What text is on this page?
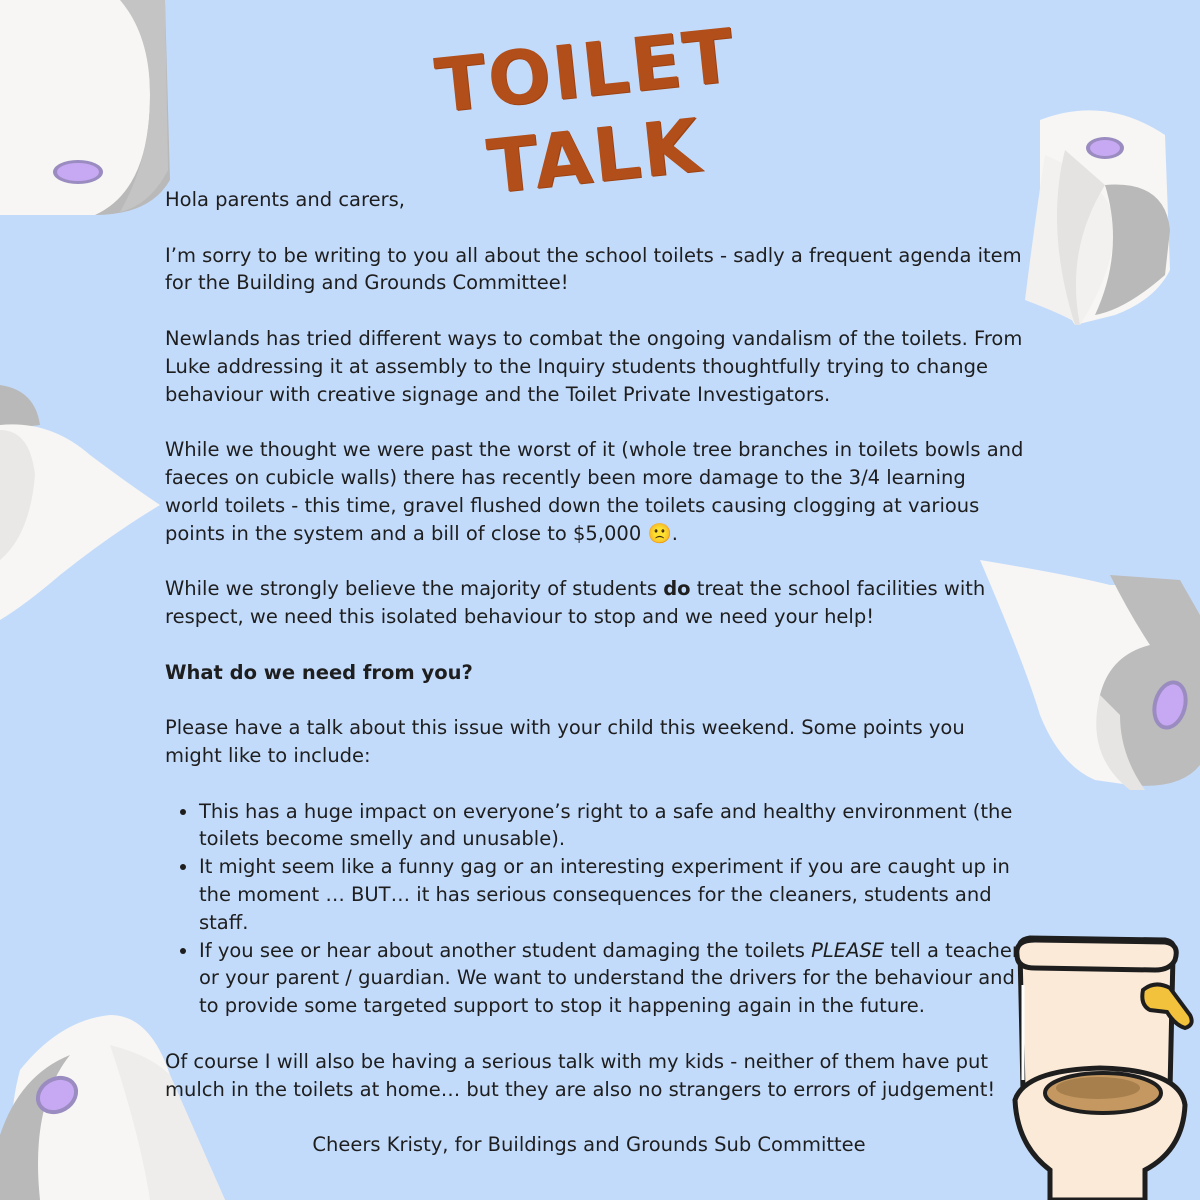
TOILET TALK

Hola parents and carers,

I’m sorry to be writing to you all about the school toilets - sadly a frequent agenda item for the Building and Grounds Committee!

Newlands has tried different ways to combat the ongoing vandalism of the toilets. From Luke addressing it at assembly to the Inquiry students thoughtfully trying to change behaviour with creative signage and the Toilet Private Investigators.

While we thought we were past the worst of it (whole tree branches in toilets bowls and faeces on cubicle walls) there has recently been more damage to the 3/4 learning world toilets - this time, gravel flushed down the toilets causing clogging at various points in the system and a bill of close to $5,000 🙁.

While we strongly believe the majority of students do treat the school facilities with respect, we need this isolated behaviour to stop and we need your help!

What do we need from you?

Please have a talk about this issue with your child this weekend. Some points you might like to include:

• This has a huge impact on everyone’s right to a safe and healthy environment (the toilets become smelly and unusable).
• It might seem like a funny gag or an interesting experiment if you are caught up in the moment … BUT… it has serious consequences for the cleaners, students and staff.
• If you see or hear about another student damaging the toilets PLEASE tell a teacher or your parent / guardian. We want to understand the drivers for the behaviour and to provide some targeted support to stop it happening again in the future.

Of course I will also be having a serious talk with my kids - neither of them have put mulch in the toilets at home… but they are also no strangers to errors of judgement!

Cheers Kristy, for Buildings and Grounds Sub Committee
